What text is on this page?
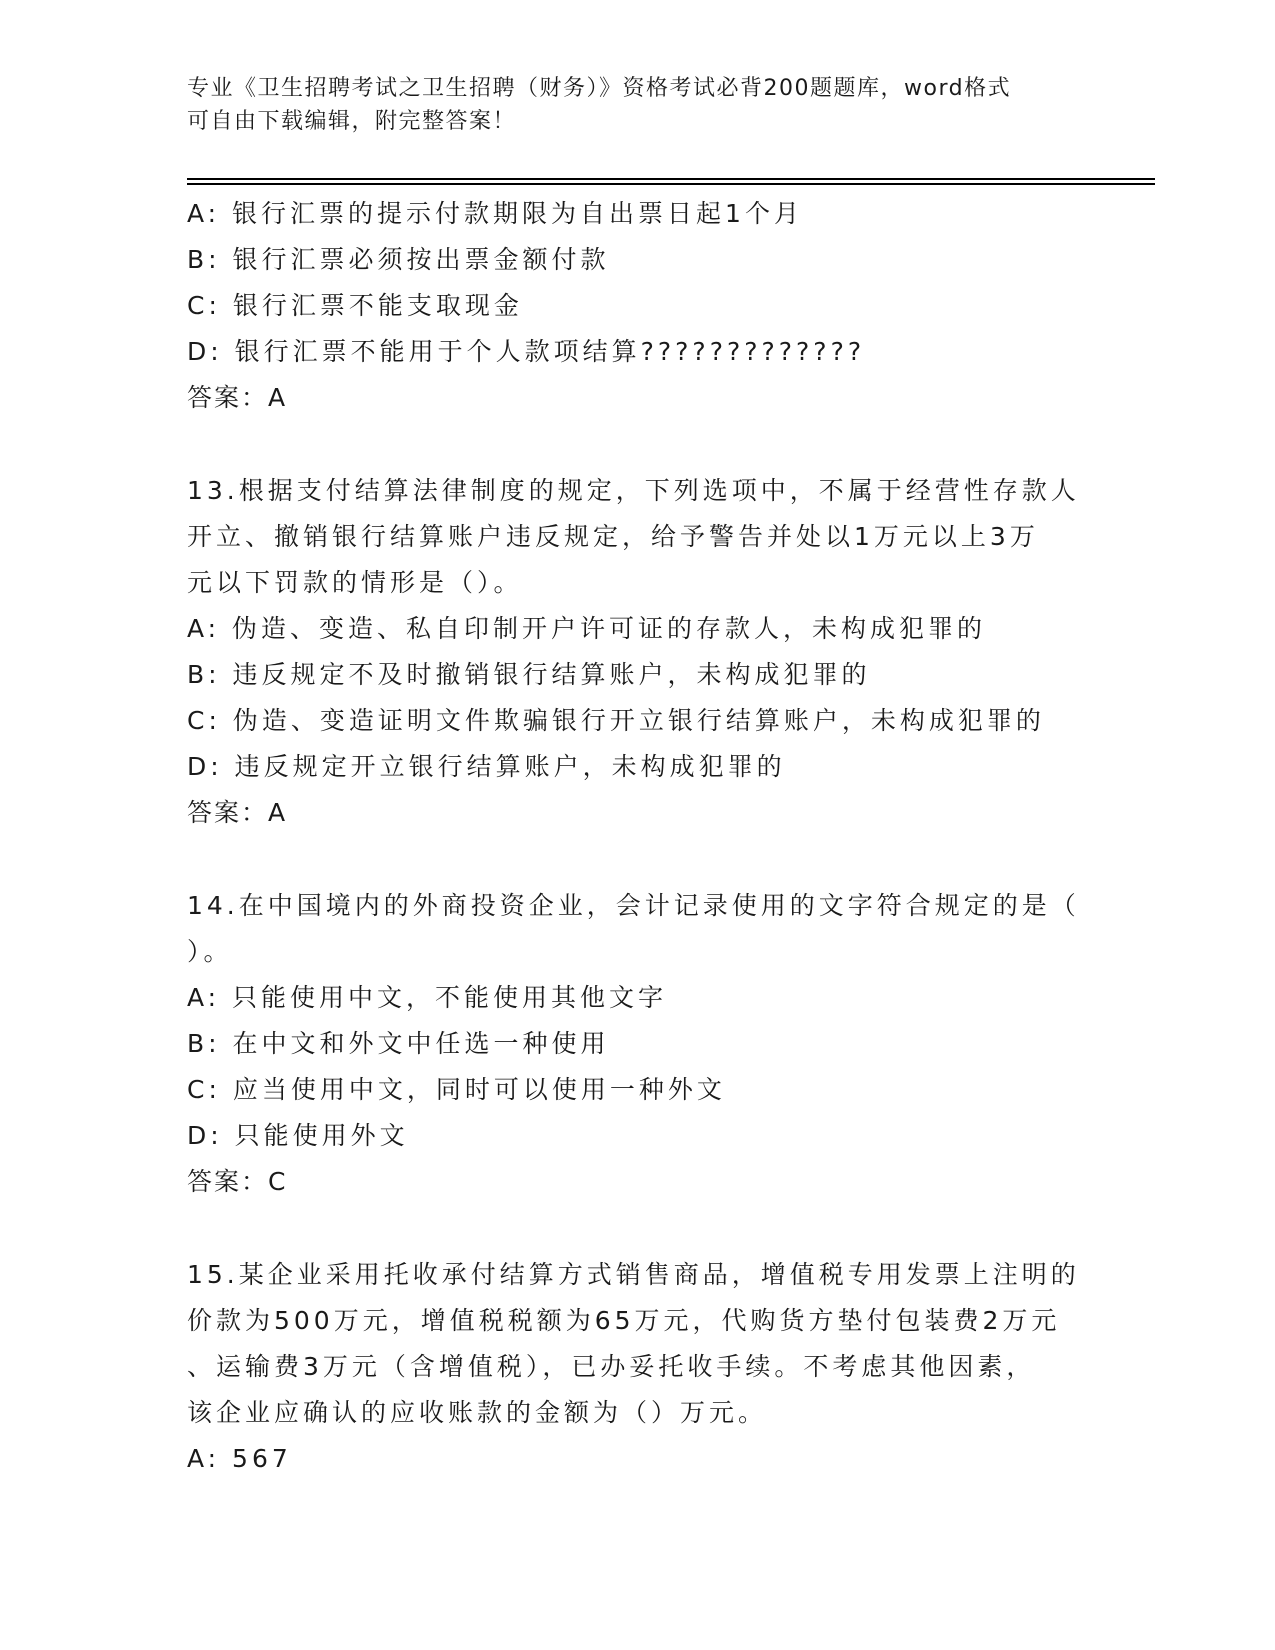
专业《卫生招聘考试之卫生招聘（财务）》资格考试必背200题题库，word格式
可自由下载编辑，附完整答案！
A: 银行汇票的提示付款期限为自出票日起1个月
B: 银行汇票必须按出票金额付款
C: 银行汇票不能支取现金
D: 银行汇票不能用于个人款项结算?????????????
答案：A
13.根据支付结算法律制度的规定，下列选项中，不属于经营性存款人
开立、撤销银行结算账户违反规定，给予警告并处以1万元以上3万
元以下罚款的情形是（）。
A: 伪造、变造、私自印制开户许可证的存款人，未构成犯罪的
B: 违反规定不及时撤销银行结算账户，未构成犯罪的
C: 伪造、变造证明文件欺骗银行开立银行结算账户，未构成犯罪的
D: 违反规定开立银行结算账户，未构成犯罪的
答案：A
14.在中国境内的外商投资企业，会计记录使用的文字符合规定的是（
）。
A: 只能使用中文，不能使用其他文字
B: 在中文和外文中任选一种使用
C: 应当使用中文，同时可以使用一种外文
D: 只能使用外文
答案：C
15.某企业采用托收承付结算方式销售商品，增值税专用发票上注明的
价款为500万元，增值税税额为65万元，代购货方垫付包装费2万元
、运输费3万元（含增值税），已办妥托收手续。不考虑其他因素，
该企业应确认的应收账款的金额为（）万元。
A: 567
